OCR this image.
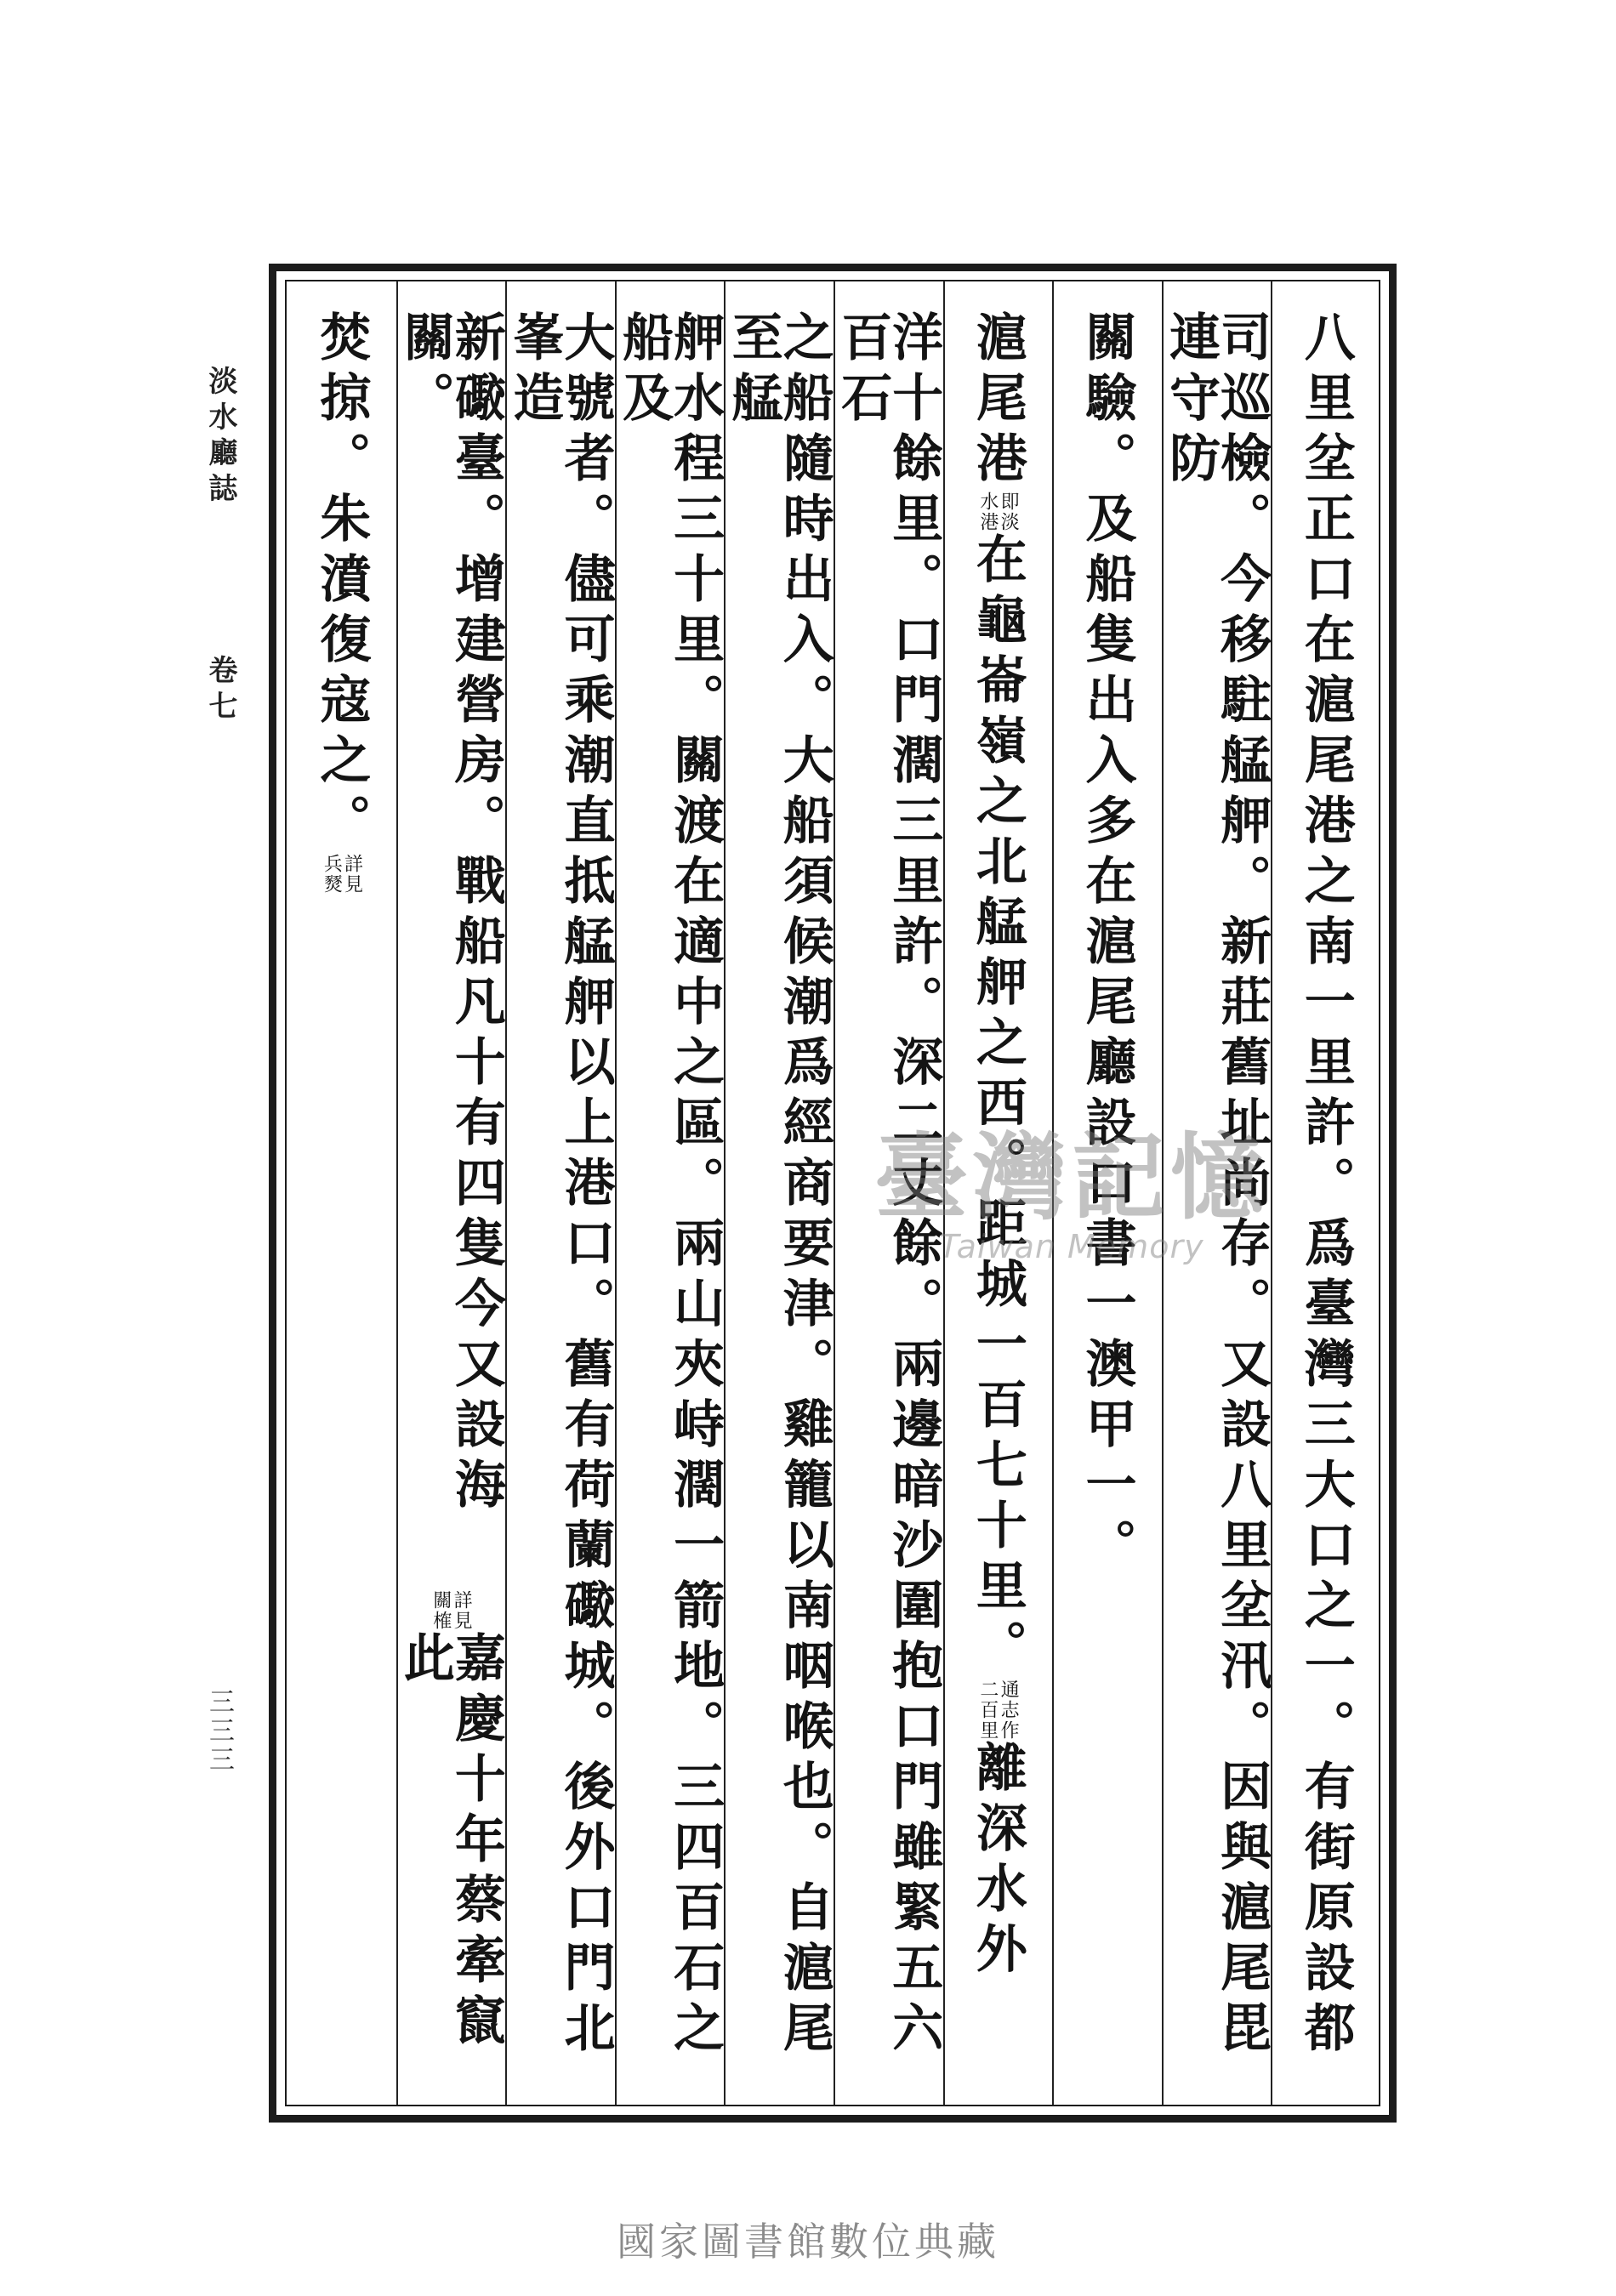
淡水廳誌
卷七
三三三
八里坌正口
在滬尾港之南一里許。爲臺灣三大口之一。有街原設都
司巡檢。今移駐艋舺。新莊舊址尚存。又設八里坌汛。因與滬尾毘連守防
關驗。及船隻出入多在滬尾廳設口書一澳甲一。
滬尾港
即淡
水港
在龜崙嶺之北艋舺之西。距城一百七十里。
通志作
二百里
離深水外
洋十餘里。口門濶三里許。深二丈餘。兩邊暗沙圍抱口門雖緊五六百石
之船隨時出入。大船須候潮爲經商要津。雞籠以南咽喉也。自滬尾至艋
舺水程三十里。關渡在適中之區。兩山夾峙濶一箭地。三四百石之船及
大號者。儘可乘潮直抵艋舺以上港口。舊有荷蘭礮城。後外口門北峯造
新礮臺。增建營房。戰船凡十有四隻今又設海關。
詳見
關榷
嘉慶十年蔡牽竄此
焚掠。朱濆復寇之。
詳見
兵燹
臺灣記憶
Taiwan Memory
國家圖書館數位典藏
